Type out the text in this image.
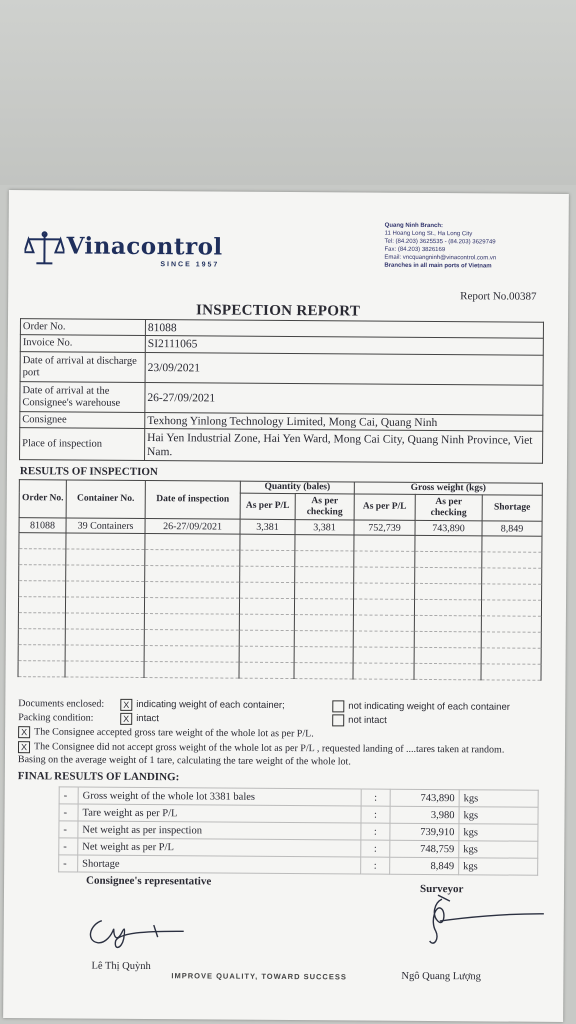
Vinacontrol
SINCE 1957
Quang Ninh Branch:
11 Hoang Long St., Ha Long City
Tel: (84.203) 3625535 - (84.203) 3629749
Fax: (84.203) 3826169
Email: vncquangninh@vinacontrol.com.vn
Branches in all main ports of Vietnam
Report No.00387
INSPECTION REPORT
Order No.	81088
Invoice No.	SI2111065
Date of arrival at discharge port	23/09/2021
Date of arrival at the Consignee's warehouse	26-27/09/2021
Consignee	Texhong Yinlong Technology Limited, Mong Cai, Quang Ninh
Place of inspection	Hai Yen Industrial Zone, Hai Yen Ward, Mong Cai City, Quang Ninh Province, Viet Nam.
RESULTS OF INSPECTION
Order No.	Container No.	Date of inspection	Quantity (bales)		Gross weight (kgs)		
			As per P/L	As per checking	As per P/L	As per checking	Shortage
81088	39 Containers	26-27/09/2021	3,381	3,381	752,739	743,890	8,849

Documents enclosed: X indicating weight of each container;	not indicating weight of each container
Packing condition:	X intact	not intact
X The Consignee accepted gross tare weight of the whole lot as per P/L.
X The Consignee did not accept gross weight of the whole lot as per P/L , requested landing of ....tares taken at random. Basing on the average weight of 1 tare, calculating the tare weight of the whole lot.
FINAL RESULTS OF LANDING:
-	Gross weight of the whole lot 3381 bales	:	743,890	kgs
-	Tare weight as per P/L	:	3,980	kgs
-	Net weight as per inspection	:	739,910	kgs
-	Net weight as per P/L	:	748,759	kgs
-	Shortage	:	8,849	kgs
Consignee's representative
Surveyor
Lê Thị Quỳnh
Ngô Quang Lượng
IMPROVE QUALITY, TOWARD SUCCESS
